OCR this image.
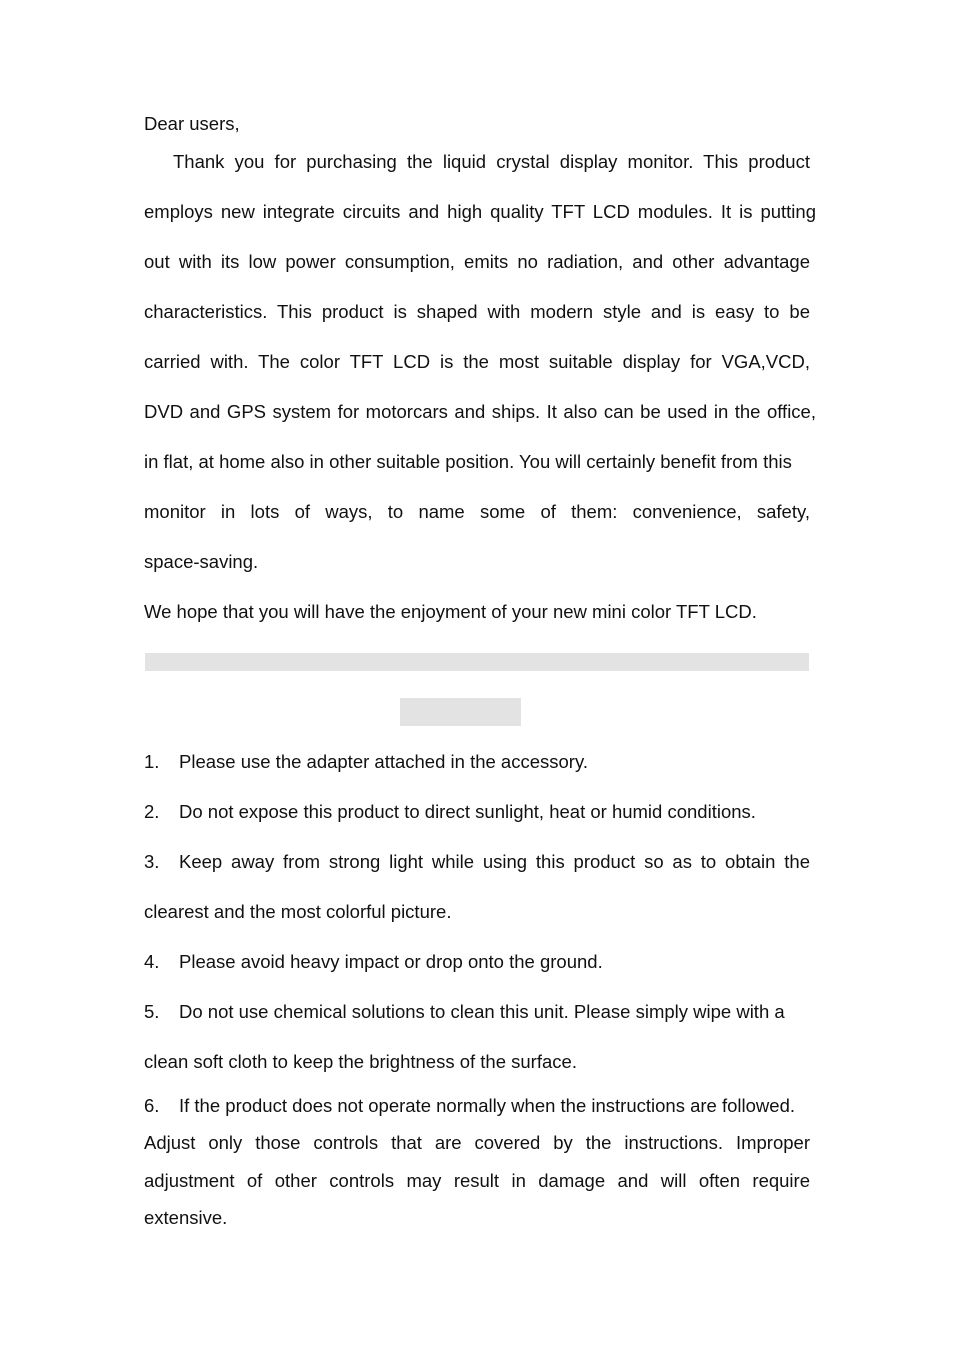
Dear users,
Thank you for purchasing the liquid crystal display monitor. This product
employs new integrate circuits and high quality TFT LCD modules. It is putting
out with its low power consumption, emits no radiation, and other advantage
characteristics. This product is shaped with modern style and is easy to be
carried with. The color TFT LCD is the most suitable display for VGA,VCD,
DVD and GPS system for motorcars and ships. It also can be used in the office,
in flat, at home also in other suitable position. You will certainly benefit from this
monitor in lots of ways, to name some of them: convenience, safety,
space-saving.
We hope that you will have the enjoyment of your new mini color TFT LCD.
1. Please use the adapter attached in the accessory.
2. Do not expose this product to direct sunlight, heat or humid conditions.
3. Keep away from strong light while using this product so as to obtain the
clearest and the most colorful picture.
4. Please avoid heavy impact or drop onto the ground.
5. Do not use chemical solutions to clean this unit. Please simply wipe with a
clean soft cloth to keep the brightness of the surface.
6. If the product does not operate normally when the instructions are followed.
Adjust only those controls that are covered by the instructions. Improper
adjustment of other controls may result in damage and will often require
extensive.
